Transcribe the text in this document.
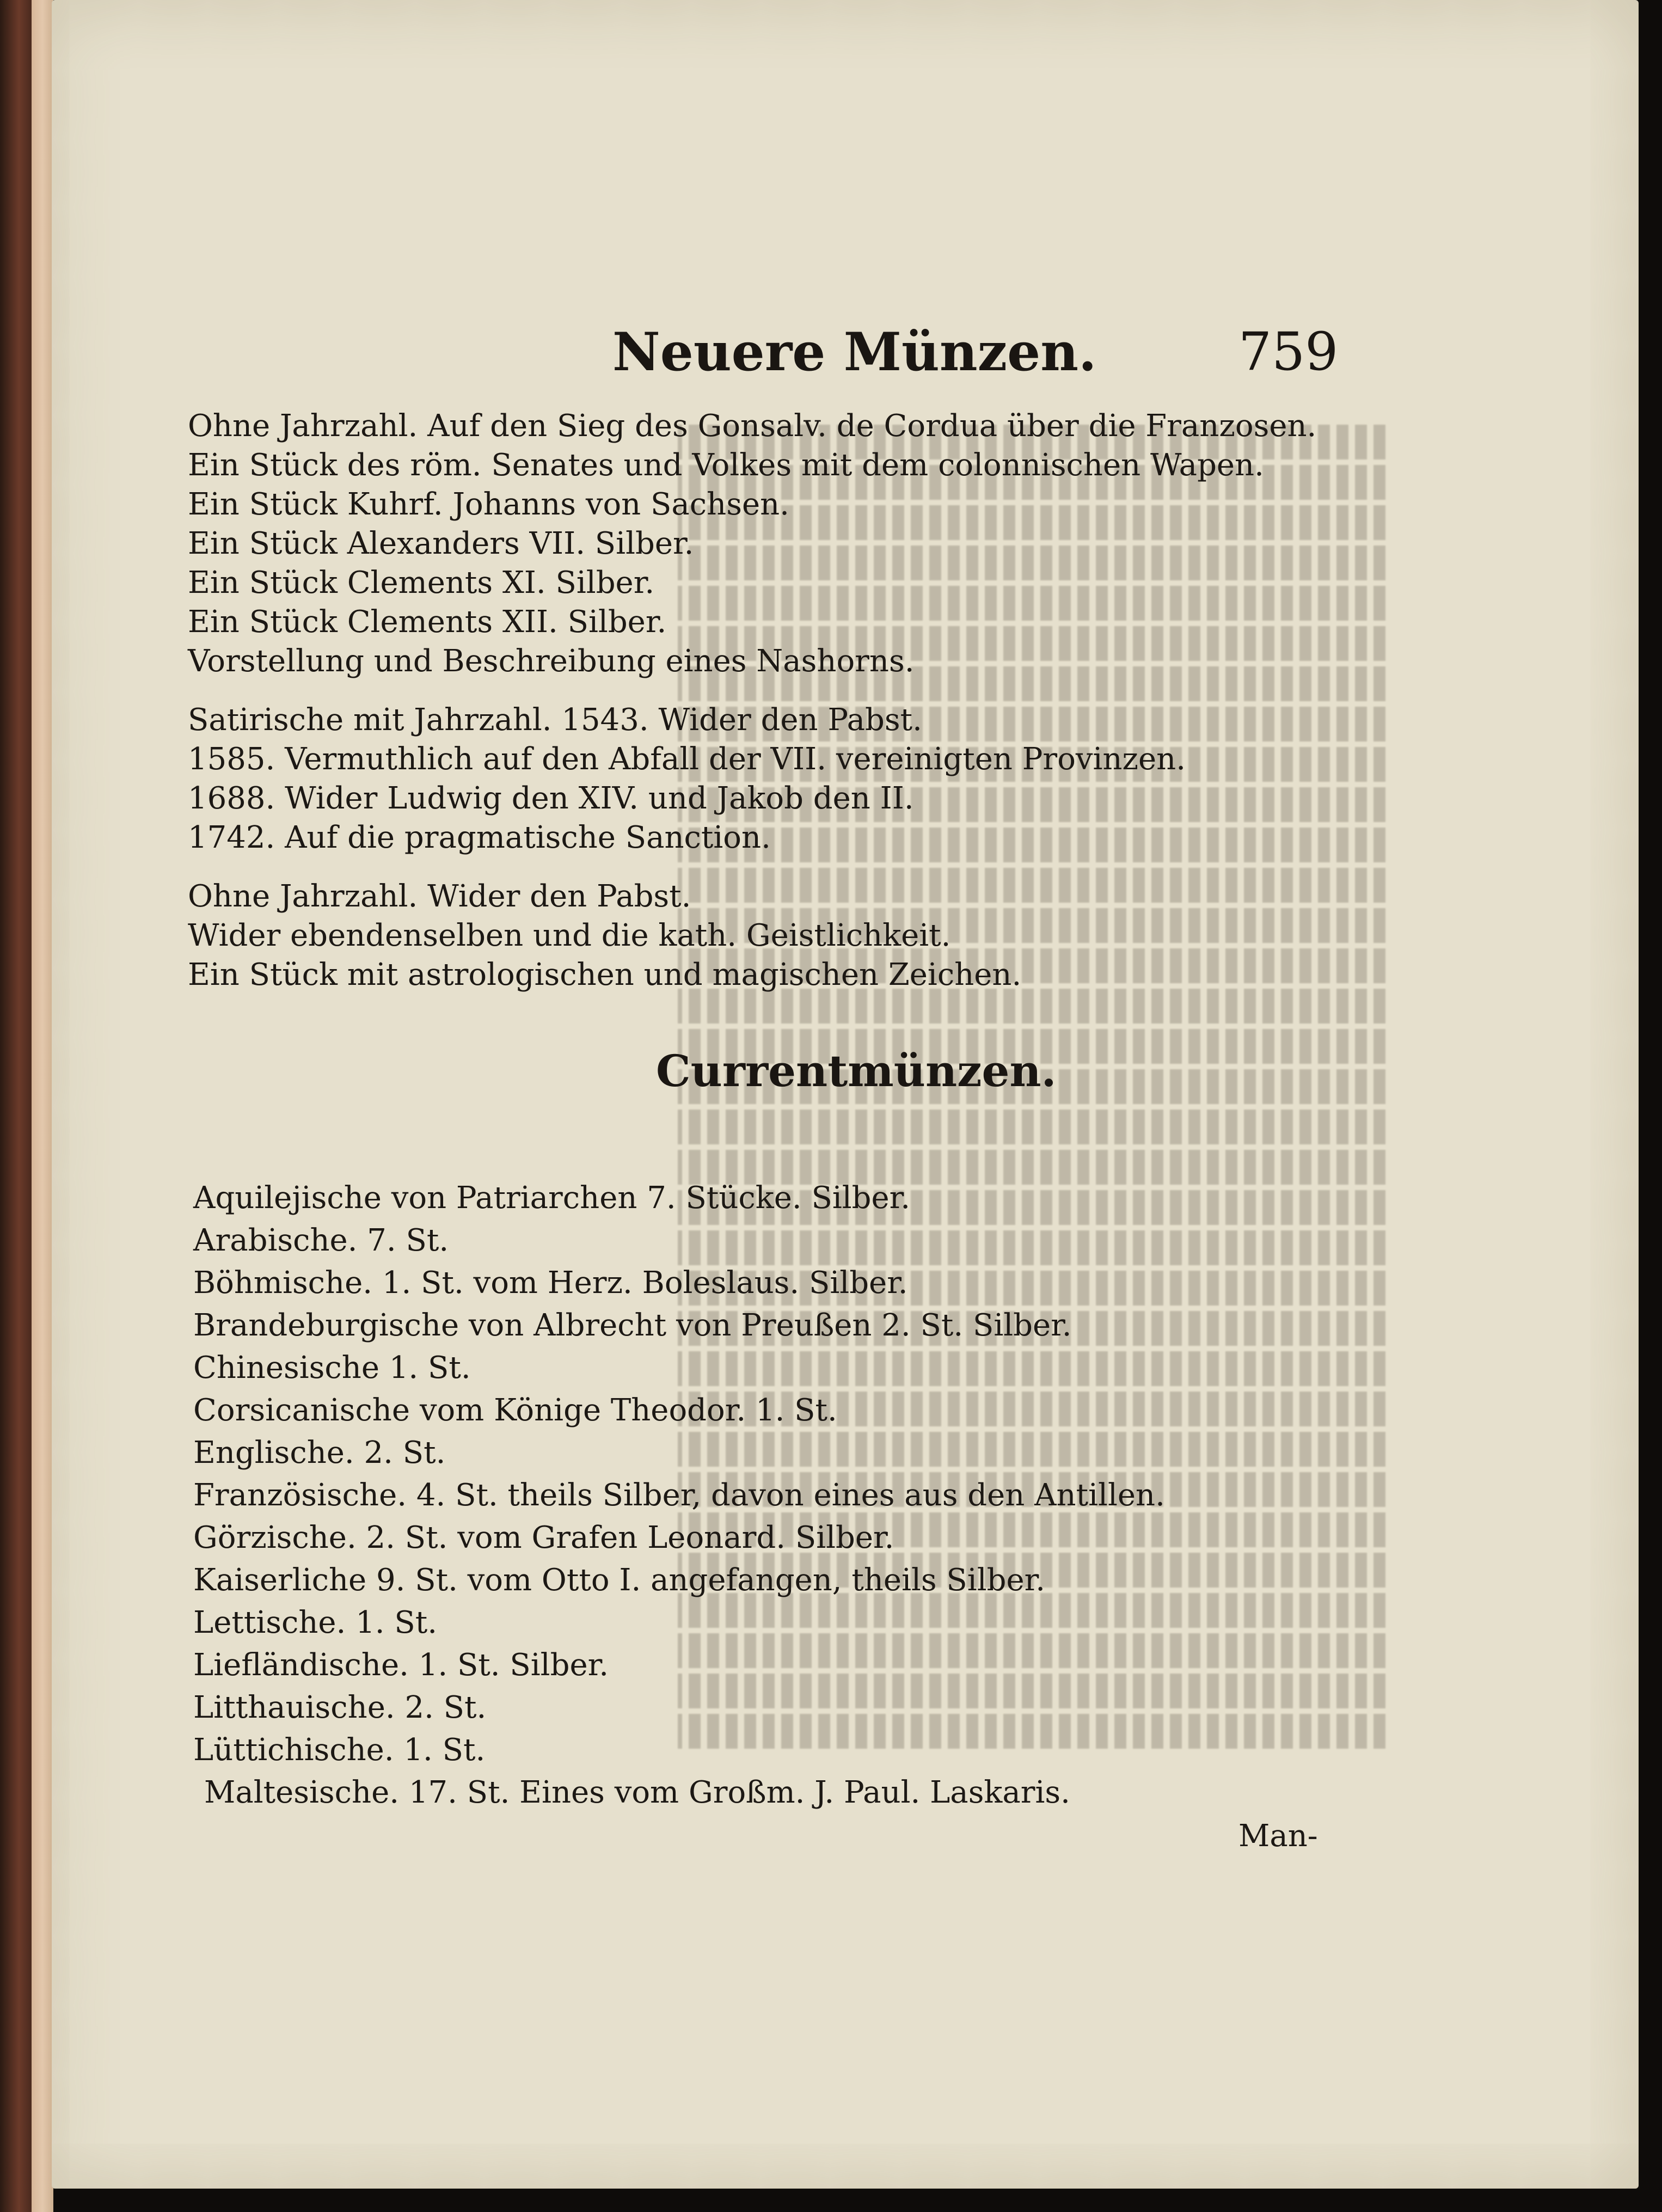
Neuere Münzen.	759
Ohne Jahrzahl. Auf den Sieg des Gonsalv. de Cordua über die Franzosen.
Ein Stück des röm. Senates und Volkes mit dem colonnischen Wapen.
Ein Stück Kuhrf. Johanns von Sachsen.
Ein Stück Alexanders VII. Silber.
Ein Stück Clements XI. Silber.
Ein Stück Clements XII. Silber.
Vorstellung und Beschreibung eines Nashorns.
Satirische mit Jahrzahl. 1543. Wider den Pabst.
1585. Vermuthlich auf den Abfall der VII. vereinigten Provinzen.
1688. Wider Ludwig den XIV. und Jakob den II.
1742. Auf die pragmatische Sanction.
Ohne Jahrzahl. Wider den Pabst.
Wider ebendenselben und die kath. Geistlichkeit.
Ein Stück mit astrologischen und magischen Zeichen.
Currentmünzen.
Aquilejische von Patriarchen 7. Stücke. Silber.
Arabische. 7. St.
Böhmische. 1. St. vom Herz. Boleslaus. Silber.
Brandeburgische von Albrecht von Preußen 2. St. Silber.
Chinesische 1. St.
Corsicanische vom Könige Theodor. 1. St.
Englische. 2. St.
Französische. 4. St. theils Silber, davon eines aus den Antillen.
Görzische. 2. St. vom Grafen Leonard. Silber.
Kaiserliche 9. St. vom Otto I. angefangen, theils Silber.
Lettische. 1. St.
Liefländische. 1. St. Silber.
Litthauische. 2. St.
Lüttichische. 1. St.
Maltesische. 17. St. Eines vom Großm. J. Paul. Laskaris.
Man-
